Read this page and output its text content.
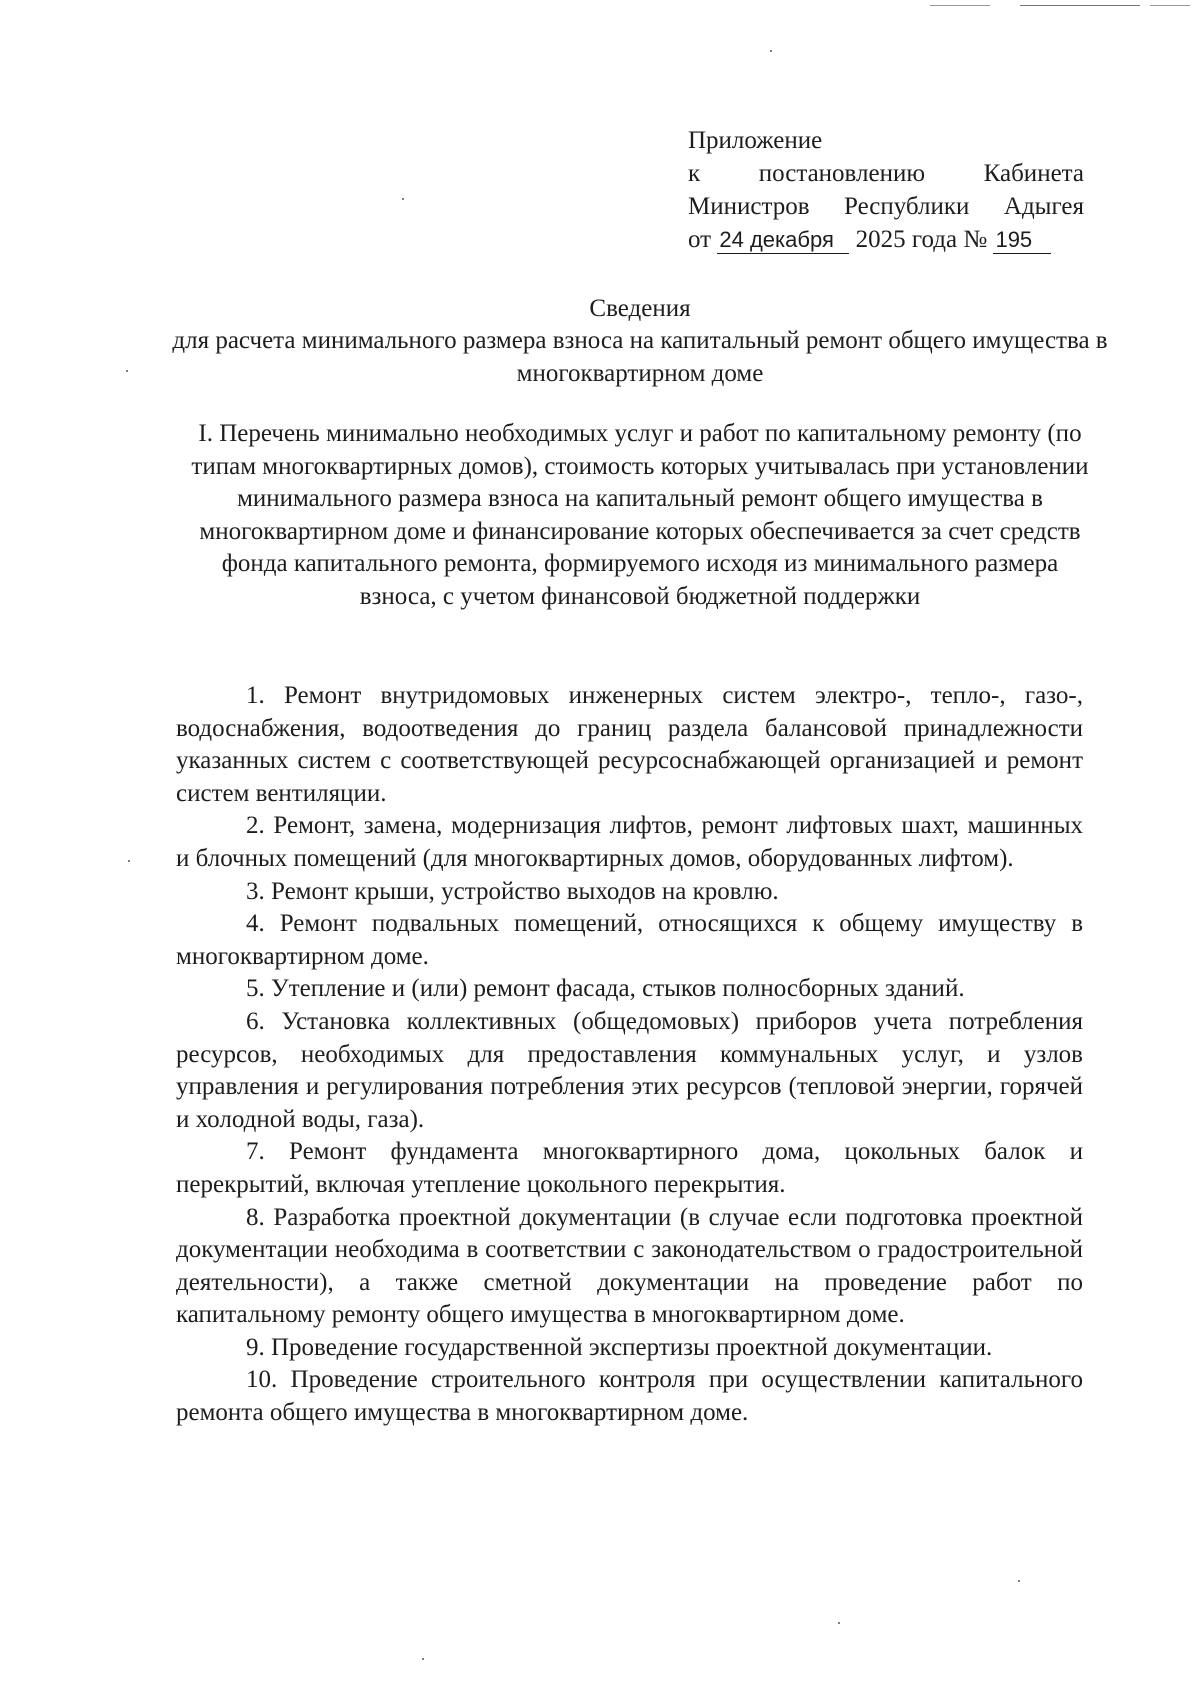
Приложение
к постановлению Кабинета
Министров Республики Адыгея
от 24 декабря 2025 года № 195
Сведения
для расчета минимального размера взноса на капитальный ремонт общего имущества в многоквартирном доме
I. Перечень минимально необходимых услуг и работ по капитальному ремонту (по типам многоквартирных домов), стоимость которых учитывалась при установлении минимального размера взноса на капитальный ремонт общего имущества в многоквартирном доме и финансирование которых обеспечивается за счет средств фонда капитального ремонта, формируемого исходя из минимального размера взноса, с учетом финансовой бюджетной поддержки

1. Ремонт внутридомовых инженерных систем электро-, тепло-, газо-, водоснабжения, водоотведения до границ раздела балансовой принадлежности указанных систем с соответствующей ресурсоснабжающей организацией и ремонт систем вентиляции.

2. Ремонт, замена, модернизация лифтов, ремонт лифтовых шахт, машинных и блочных помещений (для многоквартирных домов, оборудованных лифтом).

3. Ремонт крыши, устройство выходов на кровлю.

4. Ремонт подвальных помещений, относящихся к общему имуществу в многоквартирном доме.

5. Утепление и (или) ремонт фасада, стыков полносборных зданий.

6. Установка коллективных (общедомовых) приборов учета потребления ресурсов, необходимых для предоставления коммунальных услуг, и узлов управления и регулирования потребления этих ресурсов (тепловой энергии, горячей и холодной воды, газа).

7. Ремонт фундамента многоквартирного дома, цокольных балок и перекрытий, включая утепление цокольного перекрытия.

8. Разработка проектной документации (в случае если подготовка проектной документации необходима в соответствии с законодательством о градостроительной деятельности), а также сметной документации на проведение работ по капитальному ремонту общего имущества в многоквартирном доме.

9. Проведение государственной экспертизы проектной документации.

10. Проведение строительного контроля при осуществлении капитального ремонта общего имущества в многоквартирном доме.
